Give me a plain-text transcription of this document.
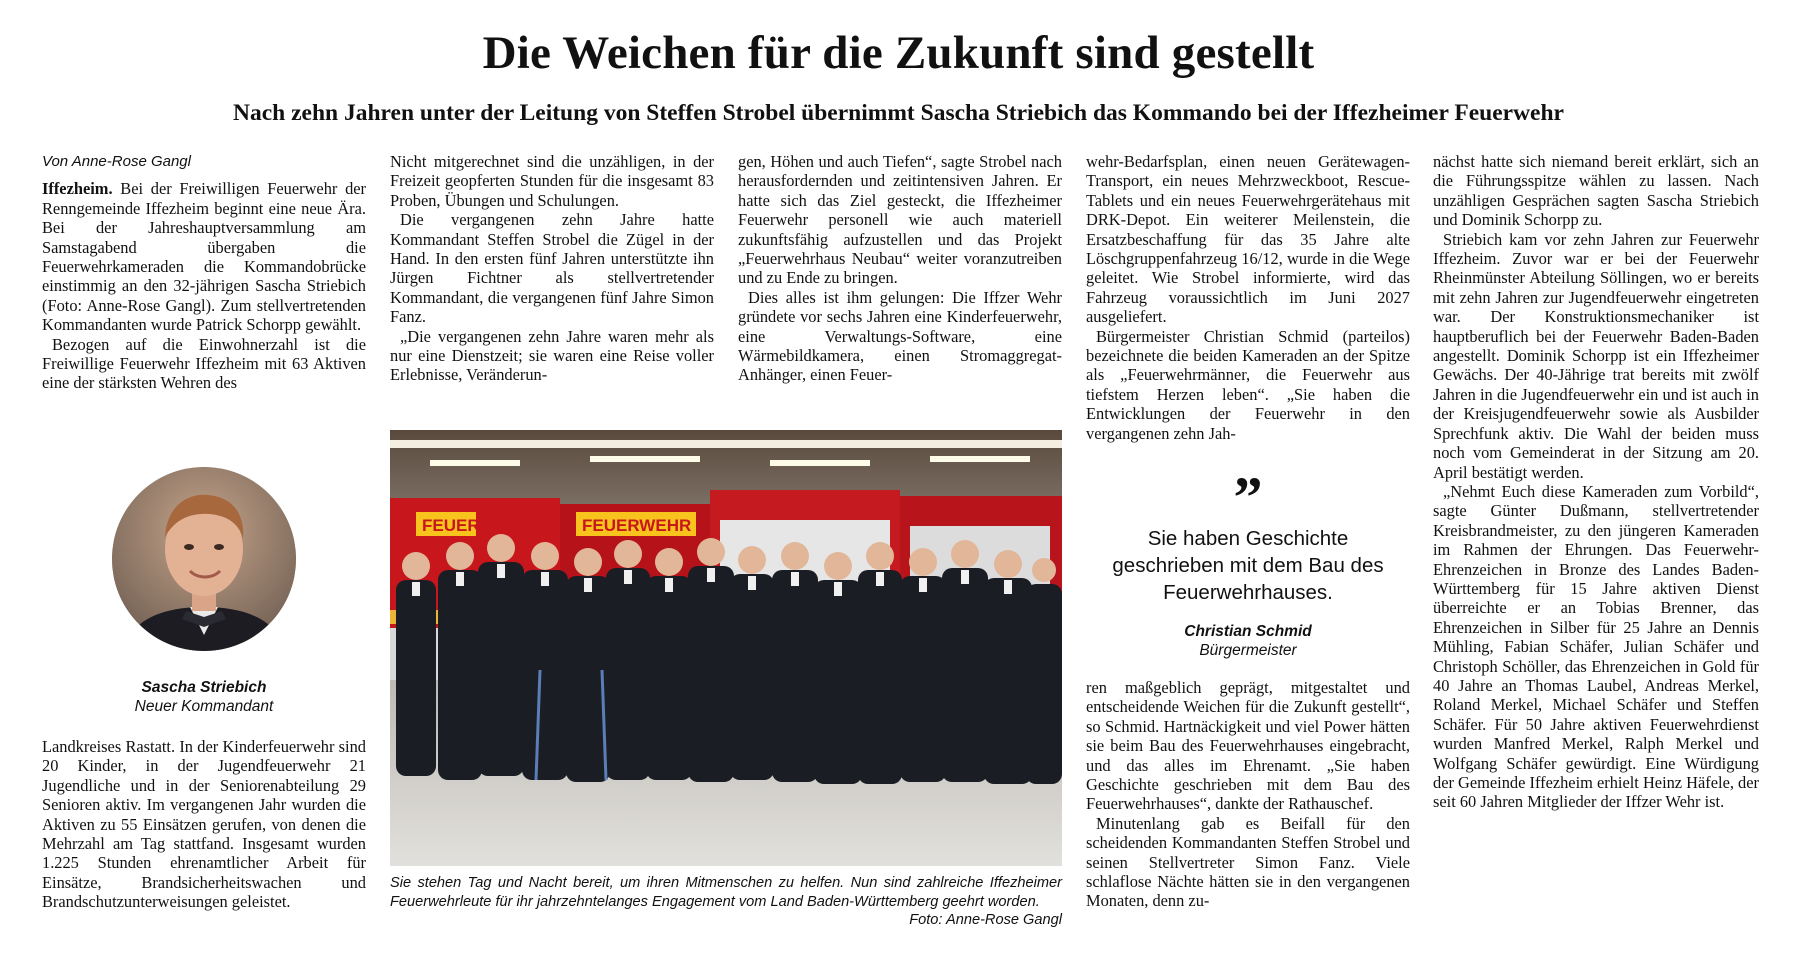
Die Weichen für die Zukunft sind gestellt
Nach zehn Jahren unter der Leitung von Steffen Strobel übernimmt Sascha Striebich das Kommando bei der Iffezheimer Feuerwehr

Von Anne-Rose Gangl

Iffezheim. Bei der Freiwilligen Feuerwehr der Renngemeinde Iffezheim beginnt eine neue Ära. Bei der Jahreshauptversammlung am Samstagabend übergaben die Feuerwehrkameraden die Kommandobrücke einstimmig an den 32-jährigen Sascha Striebich (Foto: Anne-Rose Gangl). Zum stellvertretenden Kommandanten wurde Patrick Schorpp gewählt.

Bezogen auf die Einwohnerzahl ist die Freiwillige Feuerwehr Iffezheim mit 63 Aktiven eine der stärksten Wehren des

Sascha Striebich
Neuer Kommandant

Landkreises Rastatt. In der Kinderfeuerwehr sind 20 Kinder, in der Jugendfeuerwehr 21 Jugendliche und in der Seniorenabteilung 29 Senioren aktiv. Im vergangenen Jahr wurden die Aktiven zu 55 Einsätzen gerufen, von denen die Mehrzahl am Tag stattfand. Insgesamt wurden 1.225 Stunden ehrenamtlicher Arbeit für Einsätze, Brandsicherheitswachen und Brandschutzunterweisungen geleistet.

Nicht mitgerechnet sind die unzähligen, in der Freizeit geopferten Stunden für die insgesamt 83 Proben, Übungen und Schulungen.

Die vergangenen zehn Jahre hatte Kommandant Steffen Strobel die Zügel in der Hand. In den ersten fünf Jahren unterstützte ihn Jürgen Fichtner als stellvertretender Kommandant, die vergangenen fünf Jahre Simon Fanz.

„Die vergangenen zehn Jahre waren mehr als nur eine Dienstzeit; sie waren eine Reise voller Erlebnisse, Veränderun-

gen, Höhen und auch Tiefen“, sagte Strobel nach herausfordernden und zeitintensiven Jahren. Er hatte sich das Ziel gesteckt, die Iffezheimer Feuerwehr personell wie auch materiell zukunftsfähig aufzustellen und das Projekt „Feuerwehrhaus Neubau“ weiter voranzutreiben und zu Ende zu bringen.

Dies alles ist ihm gelungen: Die Iffzer Wehr gründete vor sechs Jahren eine Kinderfeuerwehr, eine Verwaltungs-Software, eine Wärmebildkamera, einen Stromaggregat-Anhänger, einen Feuer-

FEUER	FEUERWEHR
Sie stehen Tag und Nacht bereit, um ihren Mitmenschen zu helfen. Nun sind zahlreiche Iffezheimer Feuerwehrleute für ihr jahrzehntelanges Engagement vom Land Baden-Württemberg geehrt worden.
Foto: Anne-Rose Gangl

wehr-Bedarfsplan, einen neuen Gerätewagen-Transport, ein neues Mehrzweckboot, Rescue-Tablets und ein neues Feuerwehrgerätehaus mit DRK-Depot. Ein weiterer Meilenstein, die Ersatzbeschaffung für das 35 Jahre alte Löschgruppenfahrzeug 16/12, wurde in die Wege geleitet. Wie Strobel informierte, wird das Fahrzeug voraussichtlich im Juni 2027 ausgeliefert.

Bürgermeister Christian Schmid (parteilos) bezeichnete die beiden Kameraden an der Spitze als „Feuerwehrmänner, die Feuerwehr aus tiefstem Herzen leben“. „Sie haben die Entwicklungen der Feuerwehr in den vergangenen zehn Jah-

”
Sie haben Geschichte geschrieben mit dem Bau des Feuerwehrhauses.
Christian Schmid
Bürgermeister

ren maßgeblich geprägt, mitgestaltet und entscheidende Weichen für die Zukunft gestellt“, so Schmid. Hartnäckigkeit und viel Power hätten sie beim Bau des Feuerwehrhauses eingebracht, und das alles im Ehrenamt. „Sie haben Geschichte geschrieben mit dem Bau des Feuerwehrhauses“, dankte der Rathauschef.

Minutenlang gab es Beifall für den scheidenden Kommandanten Steffen Strobel und seinen Stellvertreter Simon Fanz. Viele schlaflose Nächte hätten sie in den vergangenen Monaten, denn zu-

nächst hatte sich niemand bereit erklärt, sich an die Führungsspitze wählen zu lassen. Nach unzähligen Gesprächen sagten Sascha Striebich und Dominik Schorpp zu.

Striebich kam vor zehn Jahren zur Feuerwehr Iffezheim. Zuvor war er bei der Feuerwehr Rheinmünster Abteilung Söllingen, wo er bereits mit zehn Jahren zur Jugendfeuerwehr eingetreten war. Der Konstruktionsmechaniker ist hauptberuflich bei der Feuerwehr Baden-Baden angestellt. Dominik Schorpp ist ein Iffezheimer Gewächs. Der 40-Jährige trat bereits mit zwölf Jahren in die Jugendfeuerwehr ein und ist auch in der Kreisjugendfeuerwehr sowie als Ausbilder Sprechfunk aktiv. Die Wahl der beiden muss noch vom Gemeinderat in der Sitzung am 20. April bestätigt werden.

„Nehmt Euch diese Kameraden zum Vorbild“, sagte Günter Dußmann, stellvertretender Kreisbrandmeister, zu den jüngeren Kameraden im Rahmen der Ehrungen. Das Feuerwehr-Ehrenzeichen in Bronze des Landes Baden-Württemberg für 15 Jahre aktiven Dienst überreichte er an Tobias Brenner, das Ehrenzeichen in Silber für 25 Jahre an Dennis Mühling, Fabian Schäfer, Julian Schäfer und Christoph Schöller, das Ehrenzeichen in Gold für 40 Jahre an Thomas Laubel, Andreas Merkel, Roland Merkel, Michael Schäfer und Steffen Schäfer. Für 50 Jahre aktiven Feuerwehrdienst wurden Manfred Merkel, Ralph Merkel und Wolfgang Schäfer gewürdigt. Eine Würdigung der Gemeinde Iffezheim erhielt Heinz Häfele, der seit 60 Jahren Mitglieder der Iffzer Wehr ist.
